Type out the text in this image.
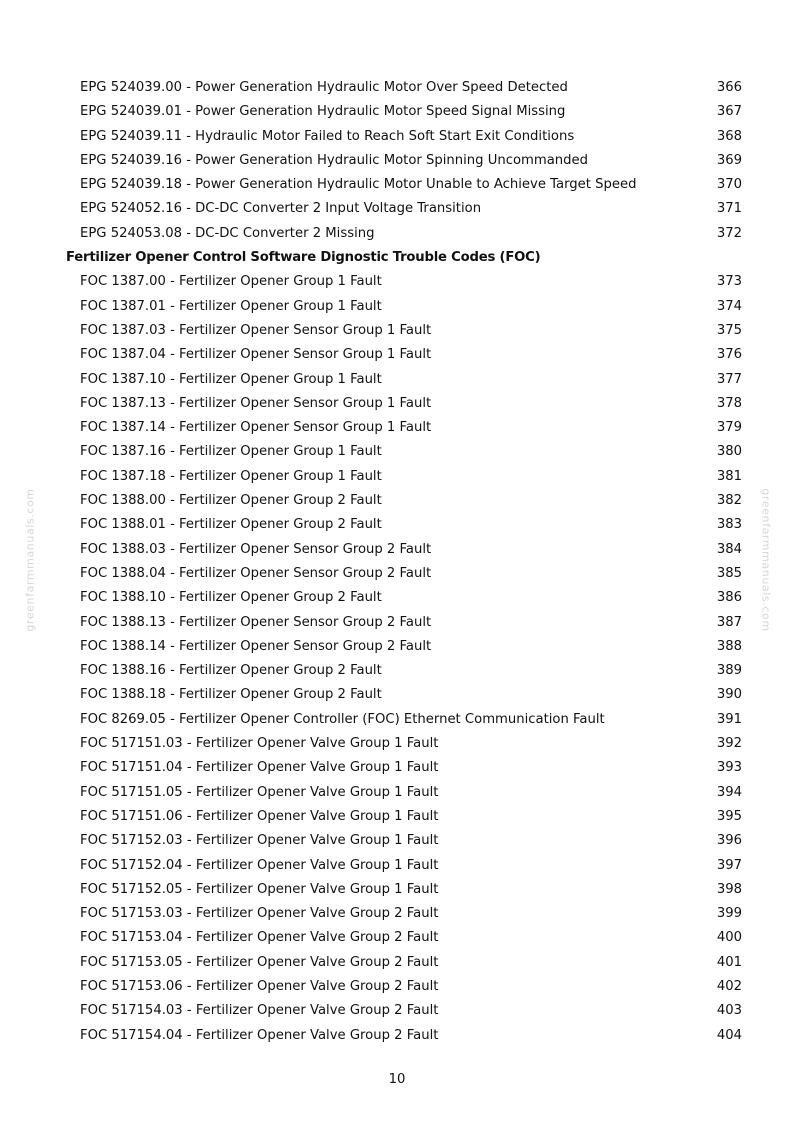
greenfarmmanuals.com	greenfarmmanuals.com
EPG 524039.00 - Power Generation Hydraulic Motor Over Speed Detected	366
EPG 524039.01 - Power Generation Hydraulic Motor Speed Signal Missing	367
EPG 524039.11 - Hydraulic Motor Failed to Reach Soft Start Exit Conditions	368
EPG 524039.16 - Power Generation Hydraulic Motor Spinning Uncommanded	369
EPG 524039.18 - Power Generation Hydraulic Motor Unable to Achieve Target Speed	370
EPG 524052.16 - DC-DC Converter 2 Input Voltage Transition	371
EPG 524053.08 - DC-DC Converter 2 Missing	372
Fertilizer Opener Control Software Dignostic Trouble Codes (FOC)
FOC 1387.00 - Fertilizer Opener Group 1 Fault	373
FOC 1387.01 - Fertilizer Opener Group 1 Fault	374
FOC 1387.03 - Fertilizer Opener Sensor Group 1 Fault	375
FOC 1387.04 - Fertilizer Opener Sensor Group 1 Fault	376
FOC 1387.10 - Fertilizer Opener Group 1 Fault	377
FOC 1387.13 - Fertilizer Opener Sensor Group 1 Fault	378
FOC 1387.14 - Fertilizer Opener Sensor Group 1 Fault	379
FOC 1387.16 - Fertilizer Opener Group 1 Fault	380
FOC 1387.18 - Fertilizer Opener Group 1 Fault	381
FOC 1388.00 - Fertilizer Opener Group 2 Fault	382
FOC 1388.01 - Fertilizer Opener Group 2 Fault	383
FOC 1388.03 - Fertilizer Opener Sensor Group 2 Fault	384
FOC 1388.04 - Fertilizer Opener Sensor Group 2 Fault	385
FOC 1388.10 - Fertilizer Opener Group 2 Fault	386
FOC 1388.13 - Fertilizer Opener Sensor Group 2 Fault	387
FOC 1388.14 - Fertilizer Opener Sensor Group 2 Fault	388
FOC 1388.16 - Fertilizer Opener Group 2 Fault	389
FOC 1388.18 - Fertilizer Opener Group 2 Fault	390
FOC 8269.05 - Fertilizer Opener Controller (FOC) Ethernet Communication Fault	391
FOC 517151.03 - Fertilizer Opener Valve Group 1 Fault	392
FOC 517151.04 - Fertilizer Opener Valve Group 1 Fault	393
FOC 517151.05 - Fertilizer Opener Valve Group 1 Fault	394
FOC 517151.06 - Fertilizer Opener Valve Group 1 Fault	395
FOC 517152.03 - Fertilizer Opener Valve Group 1 Fault	396
FOC 517152.04 - Fertilizer Opener Valve Group 1 Fault	397
FOC 517152.05 - Fertilizer Opener Valve Group 1 Fault	398
FOC 517153.03 - Fertilizer Opener Valve Group 2 Fault	399
FOC 517153.04 - Fertilizer Opener Valve Group 2 Fault	400
FOC 517153.05 - Fertilizer Opener Valve Group 2 Fault	401
FOC 517153.06 - Fertilizer Opener Valve Group 2 Fault	402
FOC 517154.03 - Fertilizer Opener Valve Group 2 Fault	403
FOC 517154.04 - Fertilizer Opener Valve Group 2 Fault	404
10
